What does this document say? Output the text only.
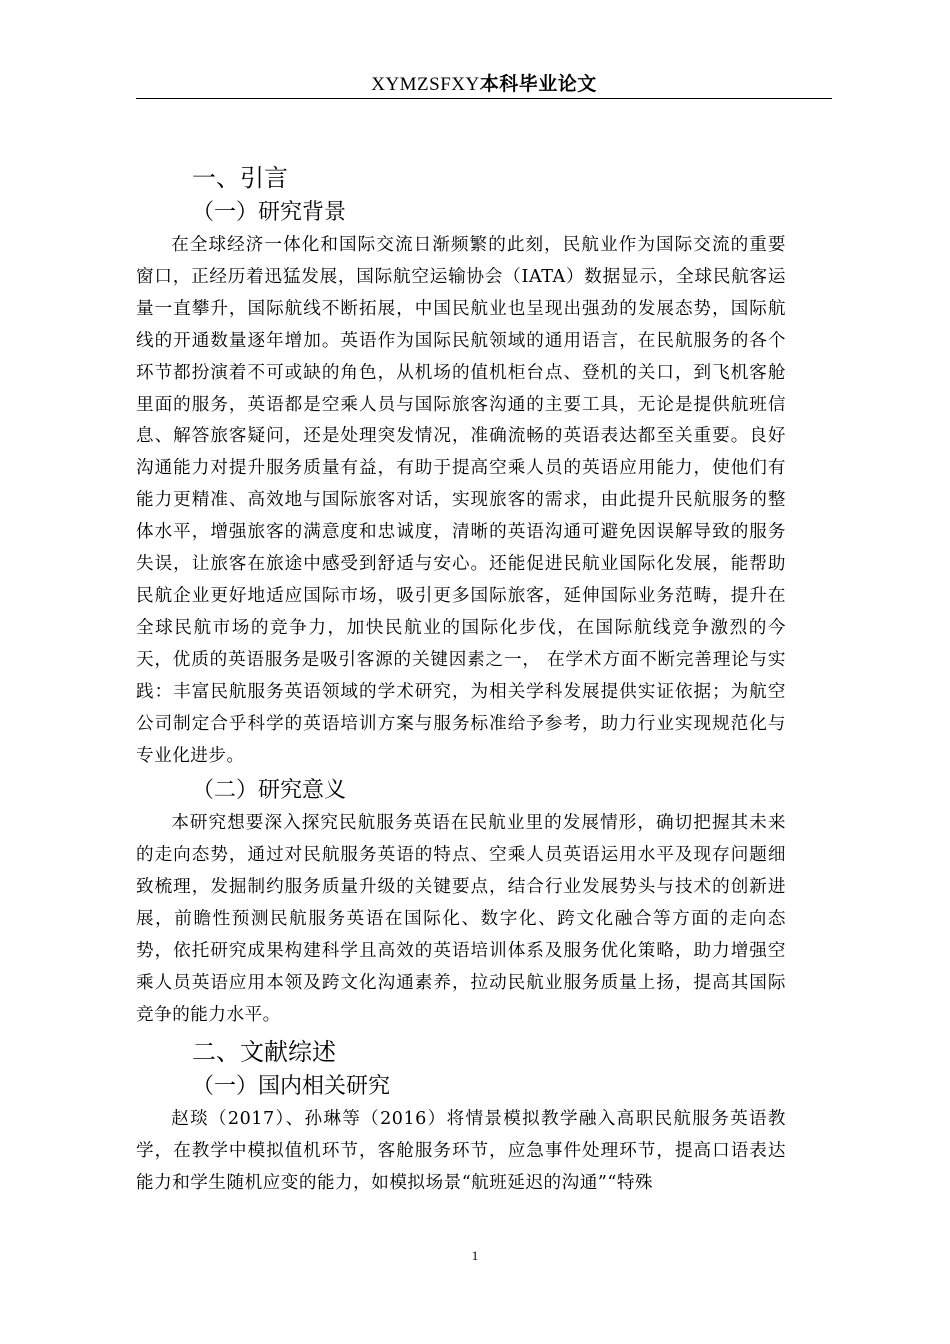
XYMZSFXY本科毕业论文
一、引言
（一）研究背景

在全球经济一体化和国际交流日渐频繁的此刻，民航业作为国际交流的重要窗口，正经历着迅猛发展，国际航空运输协会（IATA）数据显示，全球民航客运量一直攀升，国际航线不断拓展，中国民航业也呈现出强劲的发展态势，国际航线的开通数量逐年增加。英语作为国际民航领域的通用语言，在民航服务的各个环节都扮演着不可或缺的角色，从机场的值机柜台点、登机的关口，到飞机客舱里面的服务，英语都是空乘人员与国际旅客沟通的主要工具，无论是提供航班信息、解答旅客疑问，还是处理突发情况，准确流畅的英语表达都至关重要。良好沟通能力对提升服务质量有益，有助于提高空乘人员的英语应用能力，使他们有能力更精准、高效地与国际旅客对话，实现旅客的需求，由此提升民航服务的整体水平，增强旅客的满意度和忠诚度，清晰的英语沟通可避免因误解导致的服务失误，让旅客在旅途中感受到舒适与安心。还能促进民航业国际化发展，能帮助民航企业更好地适应国际市场，吸引更多国际旅客，延伸国际业务范畴，提升在全球民航市场的竞争力，加快民航业的国际化步伐，在国际航线竞争激烈的今天，优质的英语服务是吸引客源的关键因素之一， 在学术方面不断完善理论与实践：丰富民航服务英语领域的学术研究，为相关学科发展提供实证依据；为航空公司制定合乎科学的英语培训方案与服务标准给予参考，助力行业实现规范化与专业化进步。

（二）研究意义

本研究想要深入探究民航服务英语在民航业里的发展情形，确切把握其未来的走向态势，通过对民航服务英语的特点、空乘人员英语运用水平及现存问题细致梳理，发掘制约服务质量升级的关键要点，结合行业发展势头与技术的创新进展，前瞻性预测民航服务英语在国际化、数字化、跨文化融合等方面的走向态势，依托研究成果构建科学且高效的英语培训体系及服务优化策略，助力增强空乘人员英语应用本领及跨文化沟通素养，拉动民航业服务质量上扬，提高其国际竞争的能力水平。

二、文献综述
（一）国内相关研究

赵琰（2017）、孙琳等（2016）将情景模拟教学融入高职民航服务英语教学，在教学中模拟值机环节，客舱服务环节，应急事件处理环节，提高口语表达能力和学生随机应变的能力，如模拟场景“航班延迟的沟通”“特殊

1
